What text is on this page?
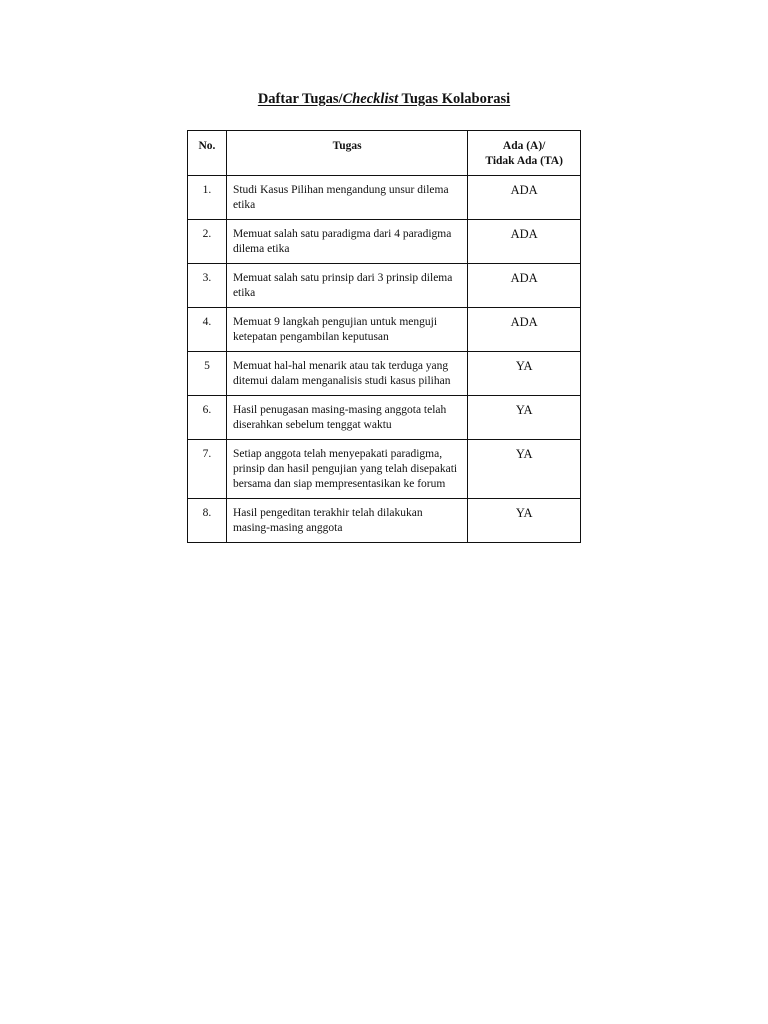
Daftar Tugas/Checklist Tugas Kolaborasi
No.	Tugas	Ada (A)/
Tidak Ada (TA)
1.	Studi Kasus Pilihan mengandung unsur dilema etika	ADA
2.	Memuat salah satu paradigma dari 4 paradigma dilema etika	ADA
3.	Memuat salah satu prinsip dari 3 prinsip dilema etika	ADA
4.	Memuat 9 langkah pengujian untuk menguji ketepatan pengambilan keputusan	ADA
5	Memuat hal-hal menarik atau tak terduga yang ditemui dalam menganalisis studi kasus pilihan	YA
6.	Hasil penugasan masing-masing anggota telah diserahkan sebelum tenggat waktu	YA
7.	Setiap anggota telah menyepakati paradigma, prinsip dan hasil pengujian yang telah disepakati bersama dan siap mempresentasikan ke forum	YA
8.	Hasil pengeditan terakhir telah dilakukan masing-masing anggota	YA
